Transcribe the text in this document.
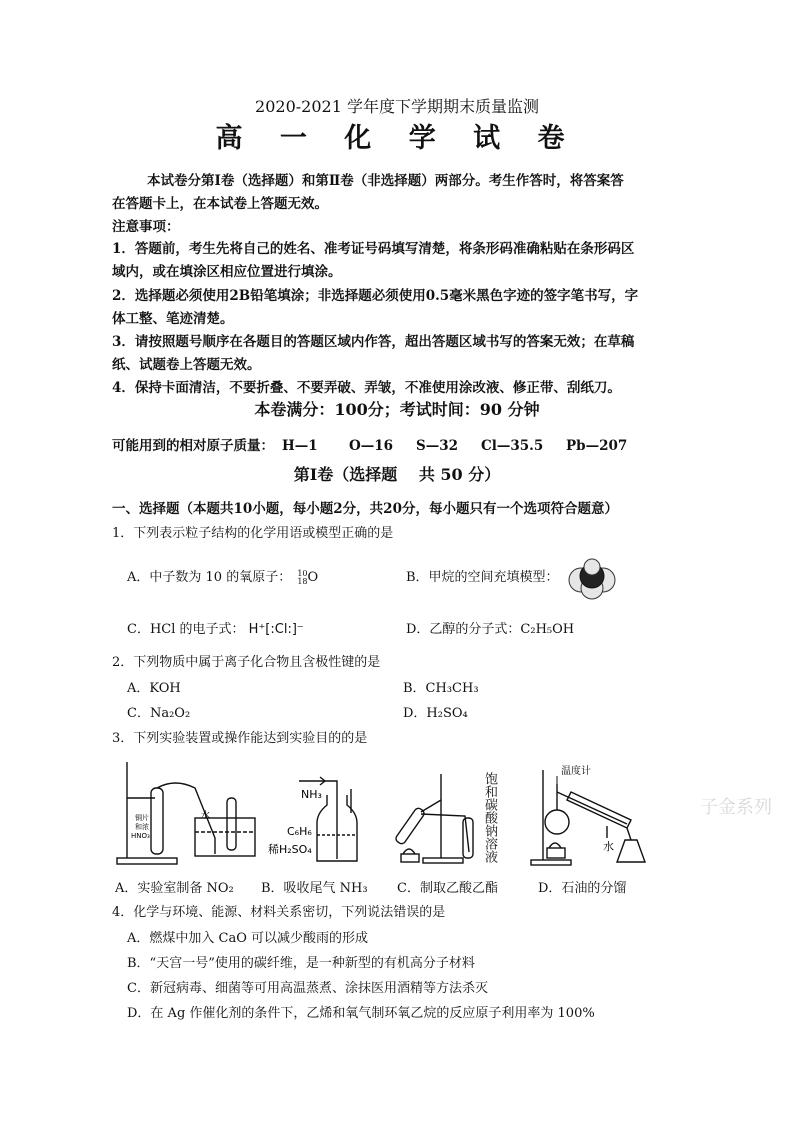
2020-2021 学年度下学期期末质量监测
高 一 化 学 试 卷
本试卷分第Ⅰ卷（选择题）和第Ⅱ卷（非选择题）两部分。考生作答时，将答案答
在答题卡上，在本试卷上答题无效。
注意事项：
1．答题前，考生先将自己的姓名、准考证号码填写清楚，将条形码准确粘贴在条形码区
域内，或在填涂区相应位置进行填涂。
2．选择题必须使用2B铅笔填涂；非选择题必须使用0.5毫米黑色字迹的签字笔书写，字
体工整、笔迹清楚。
3．请按照题号顺序在各题目的答题区域内作答，超出答题区域书写的答案无效；在草稿
纸、试题卷上答题无效。
4．保持卡面清洁，不要折叠、不要弄破、弄皱，不准使用涂改液、修正带、刮纸刀。
本卷满分：100分；考试时间：90 分钟
可能用到的相对原子质量： H—1 O—16 S—32 Cl—35.5 Pb—207
第Ⅰ卷（选择题　 共 50 分）
一、选择题（本题共10小题，每小题2分，共20分，每小题只有一个选项符合题意）
1．下列表示粒子结构的化学用语或模型正确的是
A．中子数为 10 的氧原子： 10
18 O	B．甲烷的空间充填模型：
C．HCl 的电子式： H⁺[:Cl:]⁻	D．乙醇的分子式：C₂H₅OH
2．下列物质中属于离子化合物且含极性键的是
A．KOH	B．CH₃CH₃
C．Na₂O₂	D．H₂SO₄
3．下列实验装置或操作能达到实验目的的是
水
铜片
和浓
HNO₃
NH₃
C₆H₆
稀H₂SO₄	饱和碳酸钠溶液
温度计
水
子金系列
A．实验室制备 NO₂ B．吸收尾气 NH₃ C．制取乙酸乙酯	D．石油的分馏
4．化学与环境、能源、材料关系密切，下列说法错误的是
A．燃煤中加入 CaO 可以减少酸雨的形成
B．“天宫一号”使用的碳纤维，是一种新型的有机高分子材料
C．新冠病毒、细菌等可用高温蒸煮、涂抹医用酒精等方法杀灭
D．在 Ag 作催化剂的条件下，乙烯和氧气制环氧乙烷的反应原子利用率为 100%
